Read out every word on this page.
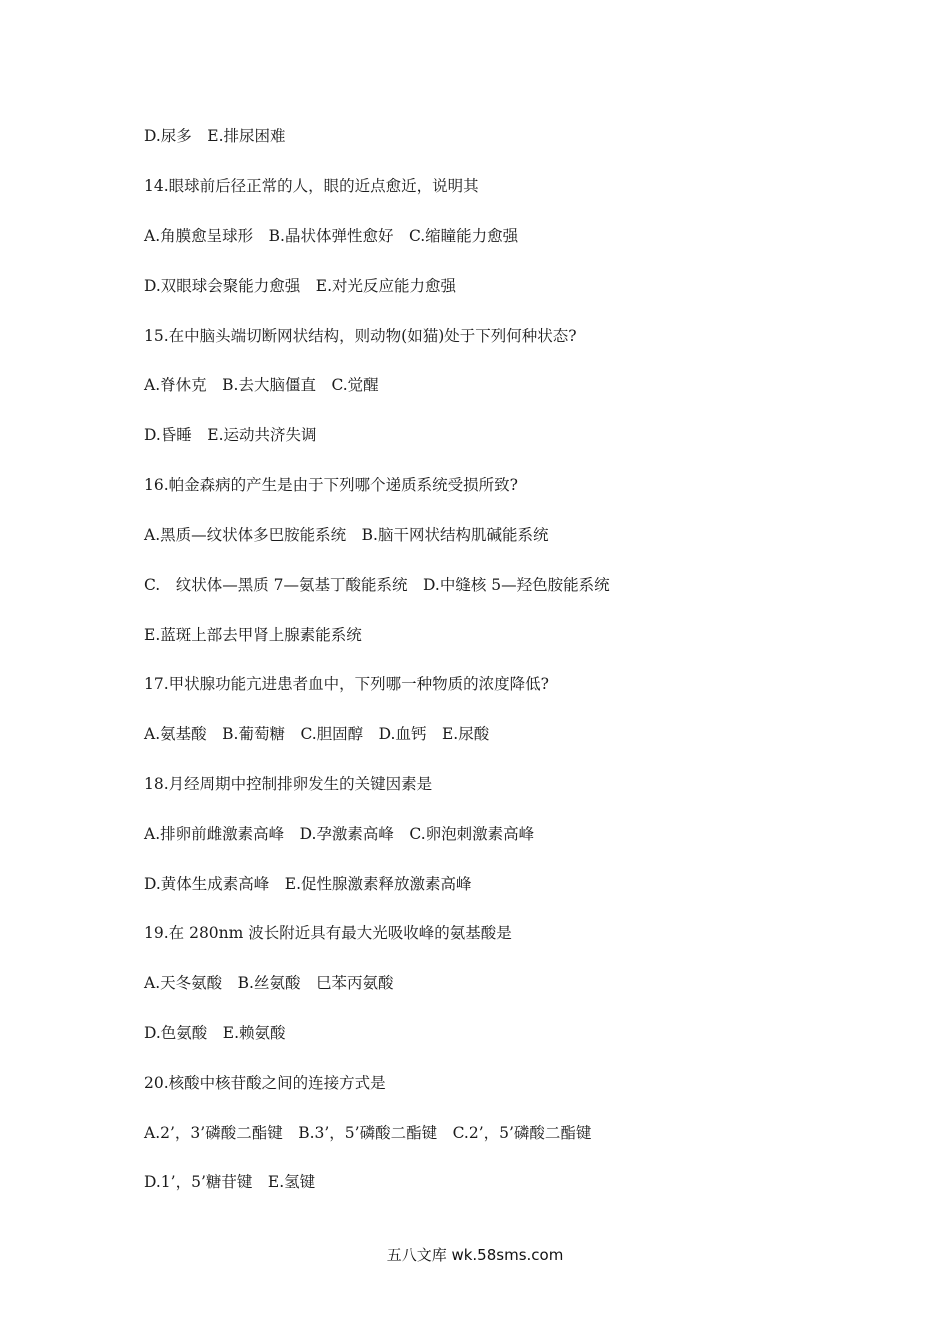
D.尿多　E.排尿困难
14.眼球前后径正常的人，眼的近点愈近，说明其
A.角膜愈呈球形　B.晶状体弹性愈好　C.缩瞳能力愈强
D.双眼球会聚能力愈强　E.对光反应能力愈强
15.在中脑头端切断网状结构，则动物(如猫)处于下列何种状态?
A.脊休克　B.去大脑僵直　C.觉醒
D.昏睡　E.运动共济失调
16.帕金森病的产生是由于下列哪个递质系统受损所致?
A.黑质—纹状体多巴胺能系统　B.脑干网状结构肌碱能系统
C.　纹状体—黑质 7—氨基丁酸能系统　D.中缝核 5—羟色胺能系统
E.蓝斑上部去甲肾上腺素能系统
17.甲状腺功能亢进患者血中，下列哪一种物质的浓度降低?
A.氨基酸　B.葡萄糖　C.胆固醇　D.血钙　E.尿酸
18.月经周期中控制排卵发生的关键因素是
A.排卵前雌激素高峰　D.孕激素高峰　C.卵泡刺激素高峰
D.黄体生成素高峰　E.促性腺激素释放激素高峰
19.在 280nm 波长附近具有最大光吸收峰的氨基酸是
A.天冬氨酸　B.丝氨酸　巳苯丙氨酸
D.色氨酸　E.赖氨酸
20.核酸中核苷酸之间的连接方式是
A.2’，3’磷酸二酯键　B.3’，5’磷酸二酯键　C.2’，5’磷酸二酯键
D.1’，5’糖苷键　E.氢键
五八文库 wk.58sms.com
